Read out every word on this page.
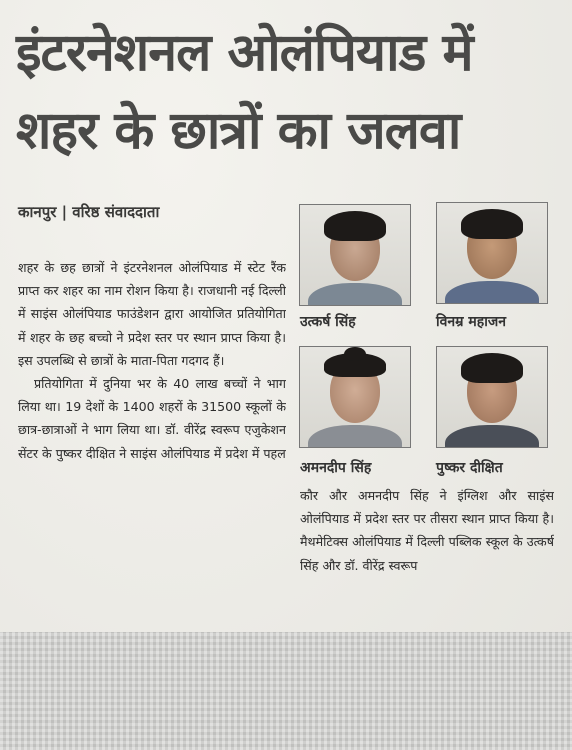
इंटरनेशनल ओलंपियाड में शहर के छात्रों का जलवा
कानपुर | वरिष्ठ संवाददाता

शहर के छह छात्रों ने इंटरनेशनल ओलंपियाड में स्टेट रैंक प्राप्त कर शहर का नाम रोशन किया है। राजधानी नई दिल्ली में साइंस ओलंपियाड फाउंडेशन द्वारा आयोजित प्रतियोगिता में शहर के छह बच्चो ने प्रदेश स्तर पर स्थान प्राप्त किया है। इस उपलब्धि से छात्रों के माता-पिता गदगद हैं।

प्रतियोगिता में दुनिया भर के 40 लाख बच्चों ने भाग लिया था। 19 देशों के 1400 शहरों के 31500 स्कूलों के छात्र-छात्राओं ने भाग लिया था। डॉ. वीरेंद्र स्वरूप एजुकेशन सेंटर के पुष्कर दीक्षित ने साइंस ओलंपियाड में प्रदेश में पहल

उत्कर्ष सिंह	विनम्र महाजन
अमनदीप सिंह	पुष्कर दीक्षित

कौर और अमनदीप सिंह ने इंग्लिश और साइंस ओलंपियाड में प्रदेश स्तर पर तीसरा स्थान प्राप्त किया है। मैथमेटिक्स ओलंपियाड में दिल्ली पब्लिक स्कूल के उत्कर्ष सिंह और डॉ. वीरेंद्र स्वरूप
